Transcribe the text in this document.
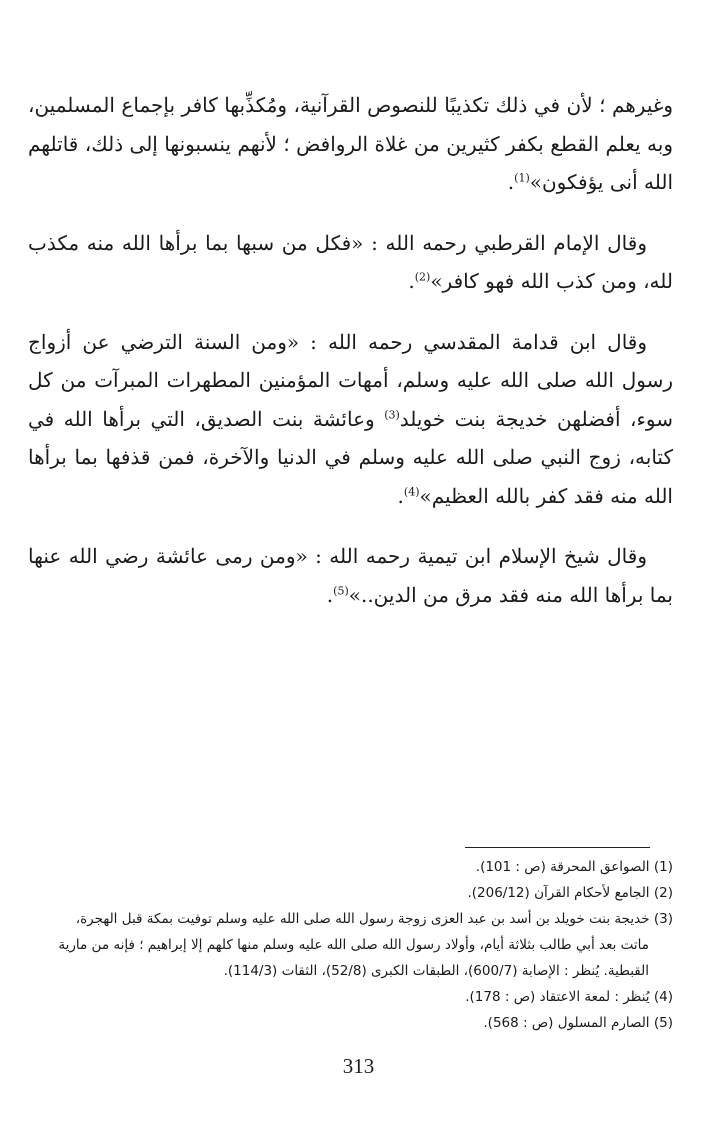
وغيرهم ؛ لأن في ذلك تكذيبًا للنصوص القرآنية، ومُكذِّبها كافر بإجماع المسلمين، وبه يعلم القطع بكفر كثيرين من غلاة الروافض ؛ لأنهم ينسبونها إلى ذلك، قاتلهم الله أنى يؤفكون»$^{(1)}$.

وقال الإمام القرطبي رحمه الله : «فكل من سبها بما برأها الله منه مكذب لله، ومن كذب الله فهو كافر»$^{(2)}$.

وقال ابن قدامة المقدسي رحمه الله : «ومن السنة الترضي عن أزواج رسول الله صلى الله عليه وسلم، أمهات المؤمنين المطهرات المبرآت من كل سوء، أفضلهن خديجة بنت خويلد$^{(3)}$ وعائشة بنت الصديق، التي برأها الله في كتابه، زوج النبي صلى الله عليه وسلم في الدنيا والآخرة، فمن قذفها بما برأها الله منه فقد كفر بالله العظيم»$^{(4)}$.

وقال شيخ الإسلام ابن تيمية رحمه الله : «ومن رمى عائشة رضي الله عنها بما برأها الله منه فقد مرق من الدين..»$^{(5)}$.

(1) الصواعق المحرقة (ص : 101).
(2) الجامع لأحكام القرآن (206/12).
(3) خديجة بنت خويلد بن أسد بن عبد العزى زوجة رسول الله صلى الله عليه وسلم توفيت بمكة قبل الهجرة،
ماتت بعد أبي طالب بثلاثة أيام، وأولاد رسول الله صلى الله عليه وسلم منها كلهم إلا إبراهيم ؛ فإنه من مارية القبطية. يُنظر : الإصابة (600/7)، الطبقات الكبرى (52/8)، الثقات (114/3).
(4) يُنظر : لمعة الاعتقاد (ص : 178).
(5) الصارم المسلول (ص : 568).
313
